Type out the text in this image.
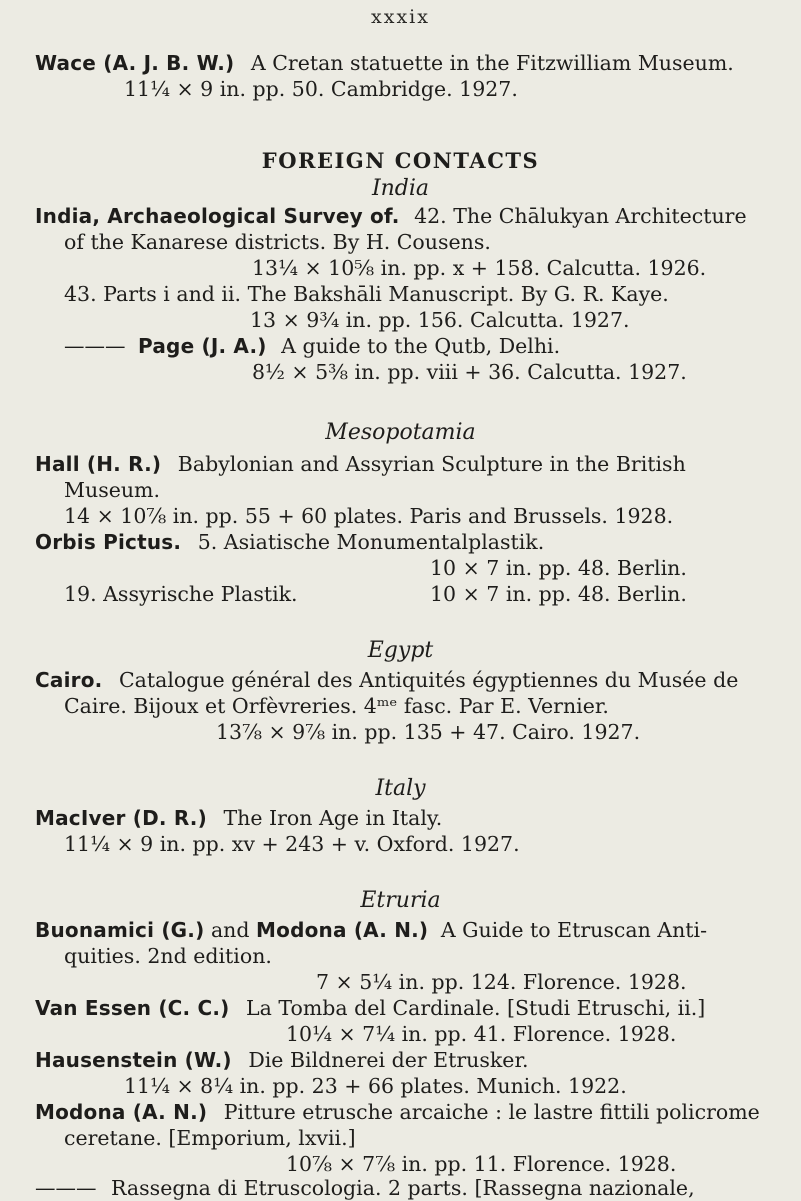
xxxix
Wace (A. J. B. W.) A Cretan statuette in the Fitzwilliam Museum.
11¼ × 9 in. pp. 50. Cambridge. 1927.
FOREIGN CONTACTS
India
India, Archaeological Survey of. 42. The Chālukyan Architecture
of the Kanarese districts. By H. Cousens.
13¼ × 10⅝ in. pp. x + 158. Calcutta. 1926.
43. Parts i and ii. The Bakshāli Manuscript. By G. R. Kaye.
13 × 9¾ in. pp. 156. Calcutta. 1927.
——— Page (J. A.) A guide to the Qutb, Delhi.
8½ × 5⅜ in. pp. viii + 36. Calcutta. 1927.
Mesopotamia
Hall (H. R.) Babylonian and Assyrian Sculpture in the British
Museum.
14 × 10⅞ in. pp. 55 + 60 plates. Paris and Brussels. 1928.
Orbis Pictus. 5. Asiatische Monumentalplastik.
10 × 7 in. pp. 48. Berlin.
19. Assyrische Plastik.	10 × 7 in. pp. 48. Berlin.
Egypt
Cairo. Catalogue général des Antiquités égyptiennes du Musée de
Caire. Bijoux et Orfèvreries. 4ᵐᵉ fasc. Par E. Vernier.
13⅞ × 9⅞ in. pp. 135 + 47. Cairo. 1927.
Italy
MacIver (D. R.) The Iron Age in Italy.
11¼ × 9 in. pp. xv + 243 + v. Oxford. 1927.
Etruria
Buonamici (G.) and Modona (A. N.) A Guide to Etruscan Anti-
quities. 2nd edition.
7 × 5¼ in. pp. 124. Florence. 1928.
Van Essen (C. C.) La Tomba del Cardinale. [Studi Etruschi, ii.]
10¼ × 7¼ in. pp. 41. Florence. 1928.
Hausenstein (W.) Die Bildnerei der Etrusker.
11¼ × 8¼ in. pp. 23 + 66 plates. Munich. 1922.
Modona (A. N.) Pitture etrusche arcaiche : le lastre fittili policrome
ceretane. [Emporium, lxvii.]
10⅞ × 7⅞ in. pp. 11. Florence. 1928.
——— Rassegna di Etruscologia. 2 parts. [Rassegna nazionale,
